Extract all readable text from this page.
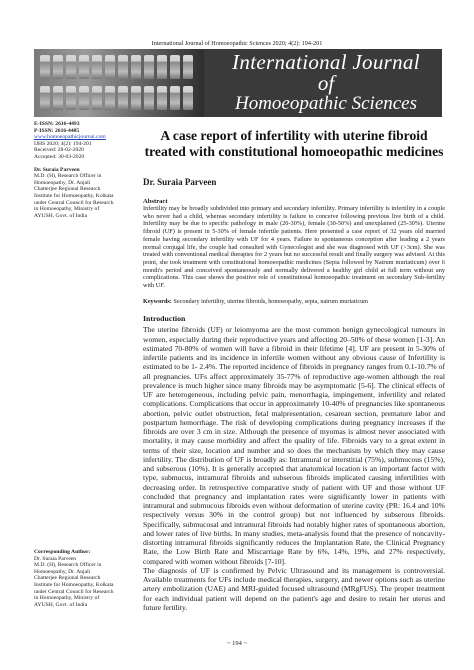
International Journal of Homoeopathic Sciences 2020; 4(2): 194-201
International Journal
of
Homoeopathic Sciences
E-ISSN: 2616-4493
P-ISSN: 2616-4485
www.homoeopathicjournal.com
IJHS 2020; 4(2): 194-201
Received: 28-02-2020
Accepted: 30-03-2020
Dr. Suraia Parveen
M.D. (H), Research Officer in Homoeopathy, Dr. Anjali Chatterjee Regional Research Institute for Homoeopathy, Kolkata under Central Council for Research in Homoeopathy, Ministry of AYUSH, Govt. of India
Corresponding Author:
Dr. Suraia Parveen
M.D. (H), Research Officer in Homoeopathy, Dr. Anjali Chatterjee Regional Research Institute for Homoeopathy, Kolkata under Central Council for Research in Homoeopathy, Ministry of AYUSH, Govt. of India
A case report of infertility with uterine fibroid treated with constitutional homoeopathic medicines
Dr. Suraia Parveen
Abstract
Infertility may be broadly subdivided into primary and secondary infertility. Primary infertility is infertility in a couple who never had a child, whereas secondary infertility is failure to conceive following previous live birth of a child. Infertility may be due to specific pathology in male (20-30%), female (30-50%) and unexplained (25-30%). Uterine fibroid (UF) is present in 5-30% of female infertile patients. Here presented a case report of 32 years old married female having secondary infertility with UF for 4 years. Failure to spontaneous conception after leading a 2 years normal conjugal life, the couple had consulted with Gynecologist and she was diagnosed with UF (>3cm). She was treated with conventional medical therapies for 2 years but no successful result and finally surgery was advised. At this point, she took treatment with constitutional homoeopathic medicines (Sepia followed by Natrum muriaticum) over 6 month's period and conceived spontaneously and normally delivered a healthy girl child at full term without any complications. This case shows the positive role of constitutional homoeopathic treatment on secondary Sub-fertility with UF.
Keywords: Secondary infertility, uterine fibroids, homoeopathy, sepia, natrum muriaticum
Introduction

The uterine fibroids (UF) or leiomyoma are the most common benign gynecological tumours in women, especially during their reproductive years and affecting 20–50% of these women [1-3]. An estimated 70-80% of women will have a fibroid in their lifetime [4]. UF are present in 5-30% of infertile patients and its incidence in infertile women without any obvious cause of Infertility is estimated to be 1- 2.4%. The reported incidence of fibroids in pregnancy ranges from 0.1-10.7% of all pregnancies. UFs affect approximately 35-77% of reproductive age-women although the real prevalence is much higher since many fibroids may be asymptomatic [5-6]. The clinical effects of UF are heterogeneous, including pelvic pain, menorrhagia, impingement, infertility and related complications. Complications that occur in approximately 10-40% of pregnancies like spontaneous abortion, pelvic outlet obstruction, fetal malpresentation, cesarean section, premature labor and postpartum hemorrhage. The risk of developing complications during pregnancy increases if the fibroids are over 3 cm in size. Although the presence of myomas is almost never associated with mortality, it may cause morbidity and affect the quality of life. Fibroids vary to a great extent in terms of their size, location and number and so does the mechanism by which they may cause infertility. The distribution of UF is broadly as: Intramural or interstitial (75%), submucous (15%), and subserous (10%). It is generally accepted that anatomical location is an important factor with type, submucus, intramural fibroids and subserous fibroids implicated causing infertilities with decreasing order. In retrospective comparative study of patient with UF and those without UF concluded that pregnancy and implantation rates were significantly lower in patients with intramural and submucous fibroids even without deformation of uterine cavity (PR: 16.4 and 10% respectively versus 30% in the control group) but not influenced by subserous fibroids. Specifically, submucosal and intramural fibroids had notably higher rates of spontaneous abortion, and lower rates of live births. In many studies, meta-analysis found that the presence of noncavity-distorting intramural fibroids significantly reduces the Implantation Rate, the Clinical Pregnancy Rate, the Low Birth Rate and Miscarriage Rate by 6%, 14%, 19%, and 27% respectively, compared with women without fibroids [7-10].

The diagnosis of UF is confirmed by Pelvic Ultrasound and its management is controversial. Available treatments for UFs include medical therapies, surgery, and newer options such as uterine artery embolization (UAE) and MRI-guided focused ultrasound (MRgFUS). The proper treatment for each individual patient will depend on the patient's age and desire to retain her uterus and future fertility.

~ 194 ~
